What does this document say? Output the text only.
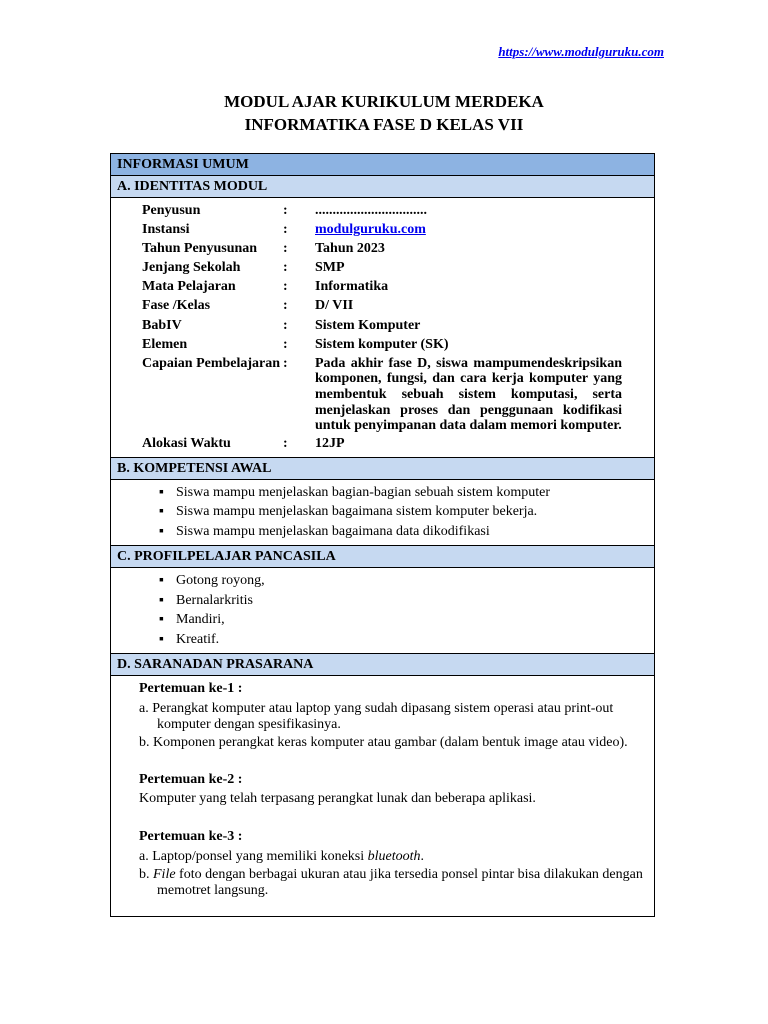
https://www.modulguruku.com
MODUL AJAR KURIKULUM MERDEKA
INFORMATIKA FASE D KELAS VII
INFORMASI UMUM
A. IDENTITAS MODUL
Penyusun	:	................................
Instansi	:	modulguruku.com
Tahun Penyusunan	:	Tahun 2023
Jenjang Sekolah	:	SMP
Mata Pelajaran	:	Informatika
Fase /Kelas	:	D/ VII
BabIV	:	Sistem Komputer
Elemen	:	Sistem komputer (SK)
Capaian Pembelajaran :	Pada akhir fase D, siswa mampumendeskripsikan komponen, fungsi, dan cara kerja komputer yang membentuk sebuah sistem komputasi, serta menjelaskan proses dan penggunaan kodifikasi untuk penyimpanan data dalam memori komputer.
Alokasi Waktu	:	12JP
B. KOMPETENSI AWAL
▪ Siswa mampu menjelaskan bagian-bagian sebuah sistem komputer
▪ Siswa mampu menjelaskan bagaimana sistem komputer bekerja.
▪ Siswa mampu menjelaskan bagaimana data dikodifikasi
C. PROFILPELAJAR PANCASILA
▪ Gotong royong,
▪ Bernalarkritis
▪ Mandiri,
▪ Kreatif.
D. SARANADAN PRASARANA
Pertemuan ke-1 :
a. Perangkat komputer atau laptop yang sudah dipasang sistem operasi atau print-out komputer dengan spesifikasinya.
b. Komponen perangkat keras komputer atau gambar (dalam bentuk image atau video).
Pertemuan ke-2 :
Komputer yang telah terpasang perangkat lunak dan beberapa aplikasi.
Pertemuan ke-3 :
a. Laptop/ponsel yang memiliki koneksi bluetooth.
b. File foto dengan berbagai ukuran atau jika tersedia ponsel pintar bisa dilakukan dengan memotret langsung.
